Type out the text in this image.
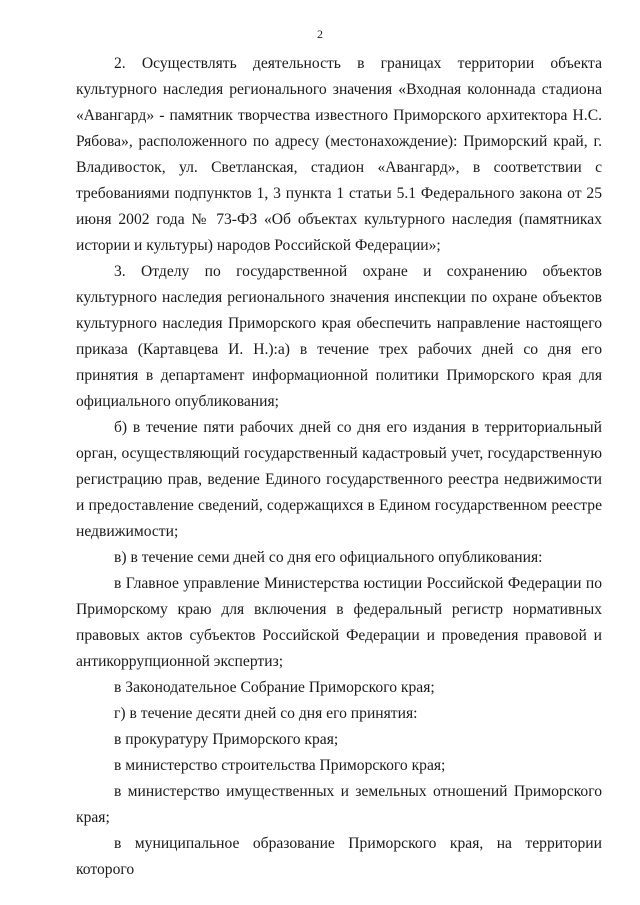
2

2. Осуществлять деятельность в границах территории объекта культурного наследия регионального значения «Входная колоннада стадиона «Авангард» - памятник творчества известного Приморского архитектора Н.С. Рябова», расположенного по адресу (местонахождение): Приморский край, г. Владивосток, ул. Светланская, стадион «Авангард», в соответствии с требованиями подпунктов 1, 3 пункта 1 статьи 5.1 Федерального закона от 25 июня 2002 года № 73-ФЗ «Об объектах культурного наследия (памятниках истории и культуры) народов Российской Федерации»;

3. Отделу по государственной охране и сохранению объектов культурного наследия регионального значения инспекции по охране объектов культурного наследия Приморского края обеспечить направление настоящего приказа (Картавцева И. Н.):а) в течение трех рабочих дней со дня его принятия в департамент информационной политики Приморского края для официального опубликования;

б) в течение пяти рабочих дней со дня его издания в территориальный орган, осуществляющий государственный кадастровый учет, государственную регистрацию прав, ведение Единого государственного реестра недвижимости и предоставление сведений, содержащихся в Едином государственном реестре недвижимости;

в) в течение семи дней со дня его официального опубликования:

в Главное управление Министерства юстиции Российской Федерации по Приморскому краю для включения в федеральный регистр нормативных правовых актов субъектов Российской Федерации и проведения правовой и антикоррупционной экспертиз;

в Законодательное Собрание Приморского края;

г) в течение десяти дней со дня его принятия:

в прокуратуру Приморского края;

в министерство строительства Приморского края;

в министерство имущественных и земельных отношений Приморского края;

в муниципальное образование Приморского края, на территории которого
